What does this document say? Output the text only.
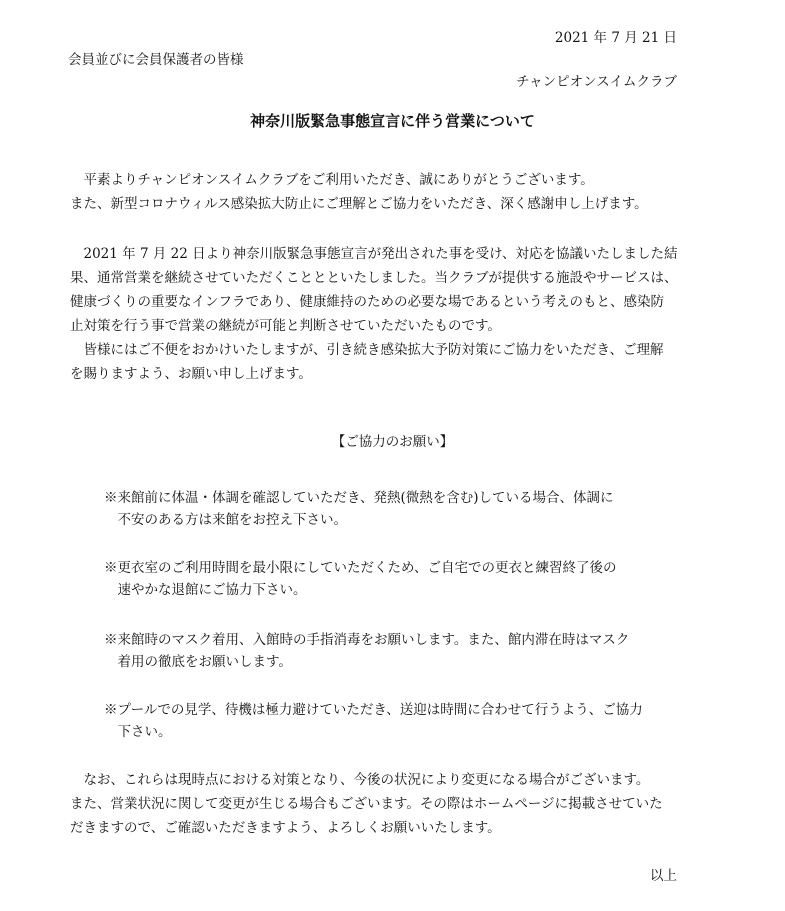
2021 年 7 月 21 日
会員並びに会員保護者の皆様
チャンピオンスイムクラブ
神奈川版緊急事態宣言に伴う営業について
　平素よりチャンピオンスイムクラブをご利用いただき、誠にありがとうございます。
また、新型コロナウィルス感染拡大防止にご理解とご協力をいただき、深く感謝申し上げます。
　2021 年 7 月 22 日より神奈川版緊急事態宣言が発出された事を受け、対応を協議いたしました結
果、通常営業を継続させていただくこととといたしました。当クラブが提供する施設やサービスは、
健康づくりの重要なインフラであり、健康維持のための必要な場であるという考えのもと、感染防
止対策を行う事で営業の継続が可能と判断させていただいたものです。
　皆様にはご不便をおかけいたしますが、引き続き感染拡大予防対策にご協力をいただき、ご理解
を賜りますよう、お願い申し上げます。
【ご協力のお願い】
※来館前に体温・体調を確認していただき、発熱(微熱を含む)している場合、体調に
　不安のある方は来館をお控え下さい。
※更衣室のご利用時間を最小限にしていただくため、ご自宅での更衣と練習終了後の
　速やかな退館にご協力下さい。
※来館時のマスク着用、入館時の手指消毒をお願いします。また、館内滞在時はマスク
　着用の徹底をお願いします。
※プールでの見学、待機は極力避けていただき、送迎は時間に合わせて行うよう、ご協力
　下さい。
　なお、これらは現時点における対策となり、今後の状況により変更になる場合がございます。
また、営業状況に関して変更が生じる場合もございます。その際はホームページに掲載させていた
だきますので、ご確認いただきますよう、よろしくお願いいたします。
以上
